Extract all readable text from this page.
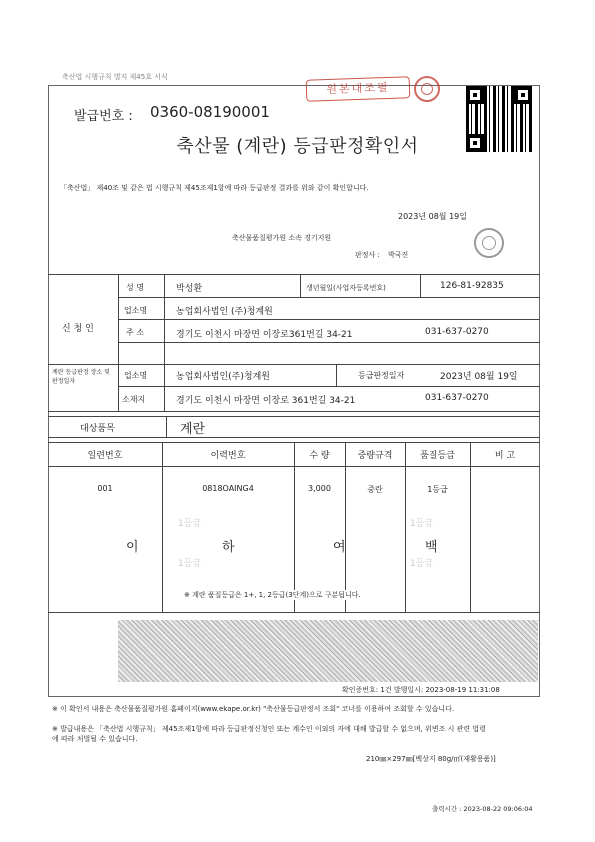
축산법 시행규칙 별지 제45호 서식
원본대조필
발급번호 : 0360-08190001
축산물 (계란) 등급판정확인서
「축산법」 제40조 및 같은 법 시행규칙 제45조제1항에 따라 등급판정 결과를 위와 같이 확인합니다.
2023년 08월 19일
축산물품질평가원 소속 경기지원
판정사 : 박국진
신 청 인
성 명	박성환	생년월일(사업자등록번호)	126-81-92835
업소명	농업회사법인 (주)청계원
주 소	경기도 이천시 마장면 이장로361번길 34-21	031-637-0270
계란 등급판정 장소 및 판정일자
업소명	농업회사법인(주)청계원	등급판정일자	2023년 08월 19일
소재지	경기도 이천시 마장면 이장로 361번길 34-21	031-637-0270
대상품목	계란
일련번호	이력번호	수 량	중량규격	품질등급	비 고
001	0818OAING4	3,000	중란	1등급
1등급
1등급
1등급
1등급
이	하	여	백
※ 계란 품질등급은 1+, 1, 2등급(3단계)으로 구분됩니다.
확인증번호: 1건 발행일시: 2023-08-19 11:31:08
※ 이 확인서 내용은 축산물품질평가원 홈페이지(www.ekape.or.kr) "축산물등급판정서 조회" 코너를 이용하여 조회할 수 있습니다.
※ 발급내용은 「축산법 시행규칙」 제45조제1항에 따라 등급판정신청인 또는 계수인 이외의 자에 대해 발급할 수 없으며, 위변조 시 관련 법령에 따라 처벌될 수 있습니다.
210㎜×297㎜[백상지 80g/㎡(재활용품)]
출력시간 : 2023-08-22 09:06:04
